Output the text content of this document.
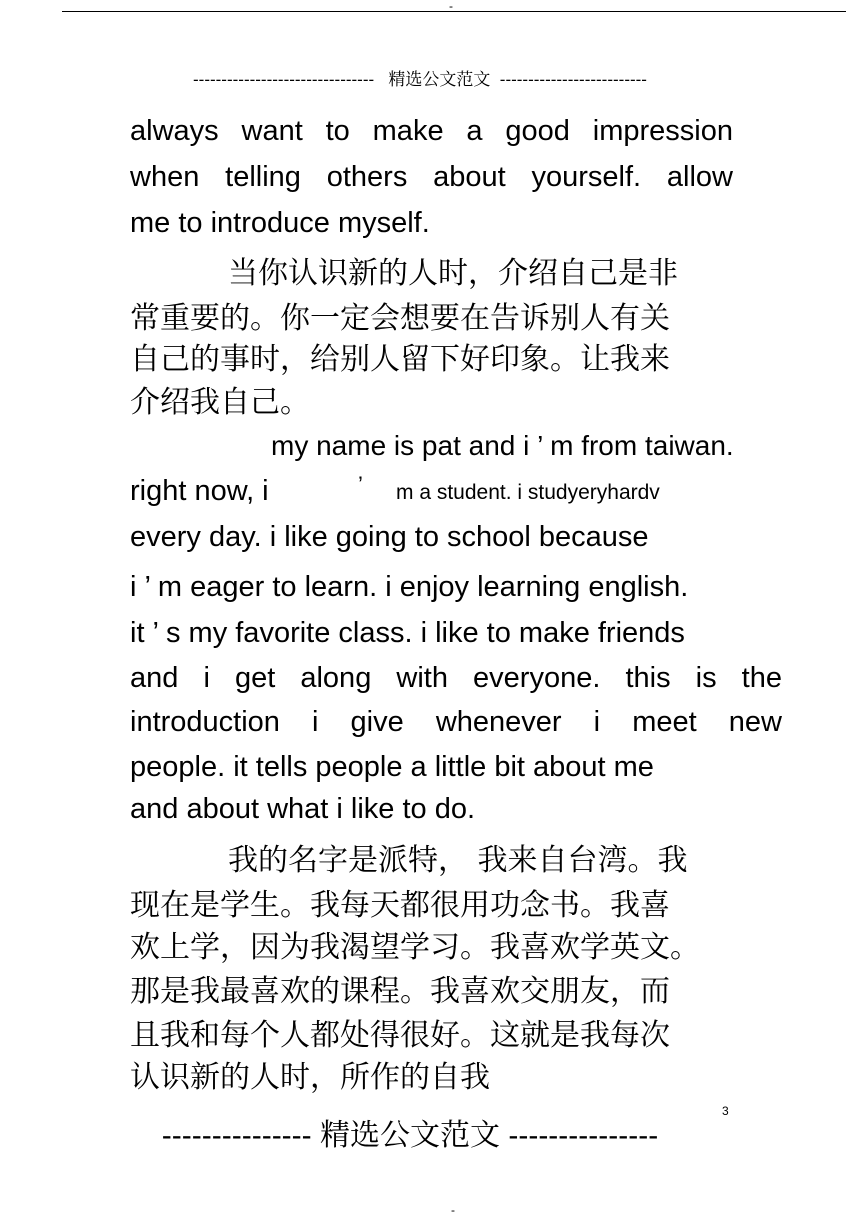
-
-------------------------------- 精选公文范文 --------------------------
always want to make a good impression
when telling others about yourself. allow
me to introduce myself.
当你认识新的人时，介绍自己是非
常重要的。你一定会想要在告诉别人有关
自己的事时，给别人留下好印象。让我来
介绍我自己。
my name is pat and i ’ m from taiwan.
right now, i	’ m a student. i studyeryhardv
every day. i like going to school because
i ’ m eager to learn. i enjoy learning english.
it ’ s my favorite class. i like to make friends
and i get along with everyone. this is the
introduction i give whenever i meet new
people. it tells people a little bit about me
and about what i like to do.
我的名字是派特， 我来自台湾。我
现在是学生。我每天都很用功念书。我喜
欢上学，因为我渴望学习。我喜欢学英文。
那是我最喜欢的课程。我喜欢交朋友，而
且我和每个人都处得很好。这就是我每次
认识新的人时，所作的自我
3
--------------- 精选公文范文 ---------------
-
